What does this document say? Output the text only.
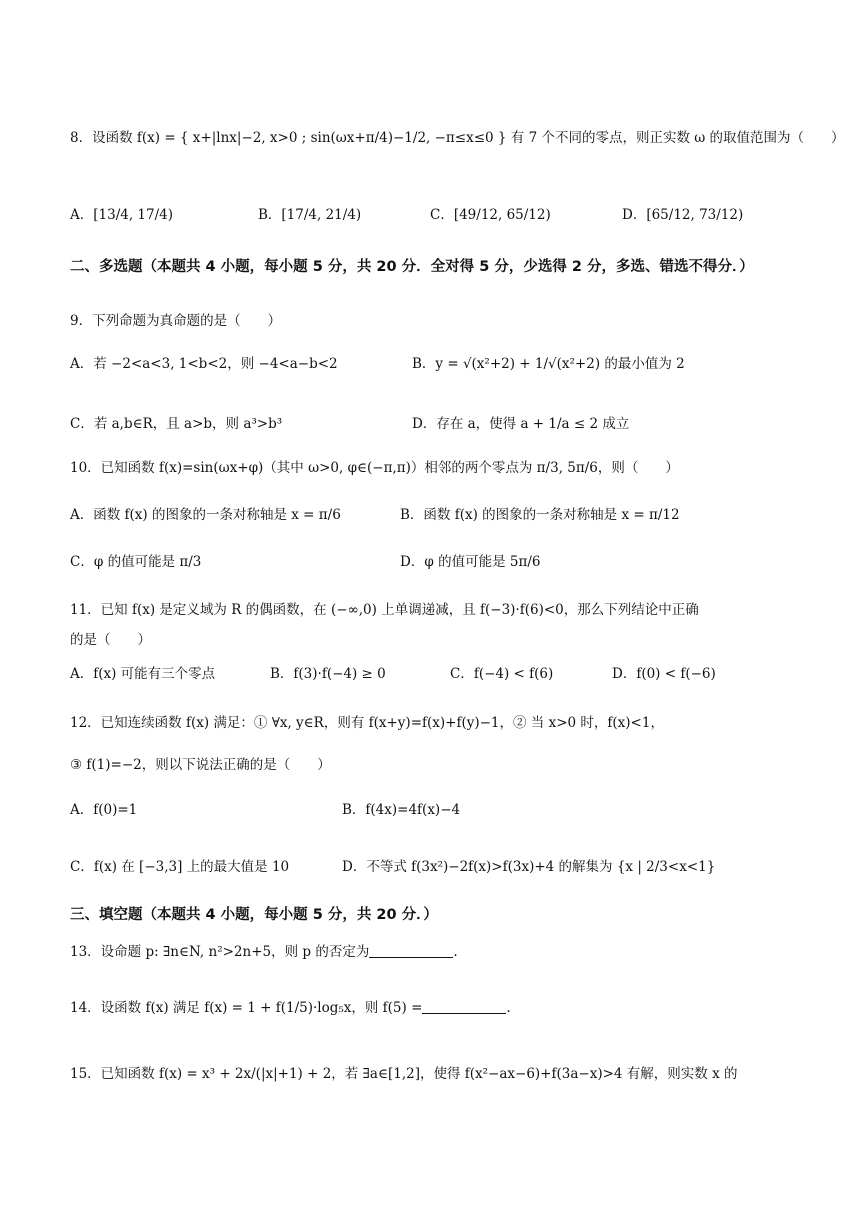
8．设函数 f(x) = { x+|lnx|−2, x>0 ; sin(ωx+π/4)−1/2, −π≤x≤0 } 有 7 个不同的零点，则正实数 ω 的取值范围为（　　）
A．[13/4, 17/4)	B．[17/4, 21/4)	C．[49/12, 65/12)	D．[65/12, 73/12)
二、多选题（本题共 4 小题，每小题 5 分，共 20 分．全对得 5 分，少选得 2 分，多选、错选不得分．）
9．下列命题为真命题的是（　　）
A．若 −2<a<3, 1<b<2，则 −4<a−b<2	B．y = √(x²+2) + 1/√(x²+2) 的最小值为 2
C．若 a,b∈R，且 a>b，则 a³>b³	D．存在 a，使得 a + 1/a ≤ 2 成立
10．已知函数 f(x)=sin(ωx+φ)（其中 ω>0, φ∈(−π,π)）相邻的两个零点为 π/3, 5π/6，则（　　）
A．函数 f(x) 的图象的一条对称轴是 x = π/6	B．函数 f(x) 的图象的一条对称轴是 x = π/12
C．φ 的值可能是 π/3	D．φ 的值可能是 5π/6
11．已知 f(x) 是定义域为 R 的偶函数，在 (−∞,0) 上单调递减，且 f(−3)·f(6)<0，那么下列结论中正确
的是（　　）
A．f(x) 可能有三个零点	B．f(3)·f(−4) ≥ 0	C．f(−4) < f(6)	D．f(0) < f(−6)
12．已知连续函数 f(x) 满足：① ∀x, y∈R，则有 f(x+y)=f(x)+f(y)−1，② 当 x>0 时，f(x)<1，
③ f(1)=−2，则以下说法正确的是（　　）
A．f(0)=1	B．f(4x)=4f(x)−4
C．f(x) 在 [−3,3] 上的最大值是 10	D．不等式 f(3x²)−2f(x)>f(3x)+4 的解集为 {x | 2/3<x<1}
三、填空题（本题共 4 小题，每小题 5 分，共 20 分．）
13．设命题 p: ∃n∈N, n²>2n+5，则 p 的否定为	.
14．设函数 f(x) 满足 f(x) = 1 + f(1/5)·log₅x，则 f(5) =	.
15．已知函数 f(x) = x³ + 2x/(|x|+1) + 2，若 ∃a∈[1,2]，使得 f(x²−ax−6)+f(3a−x)>4 有解，则实数 x 的
